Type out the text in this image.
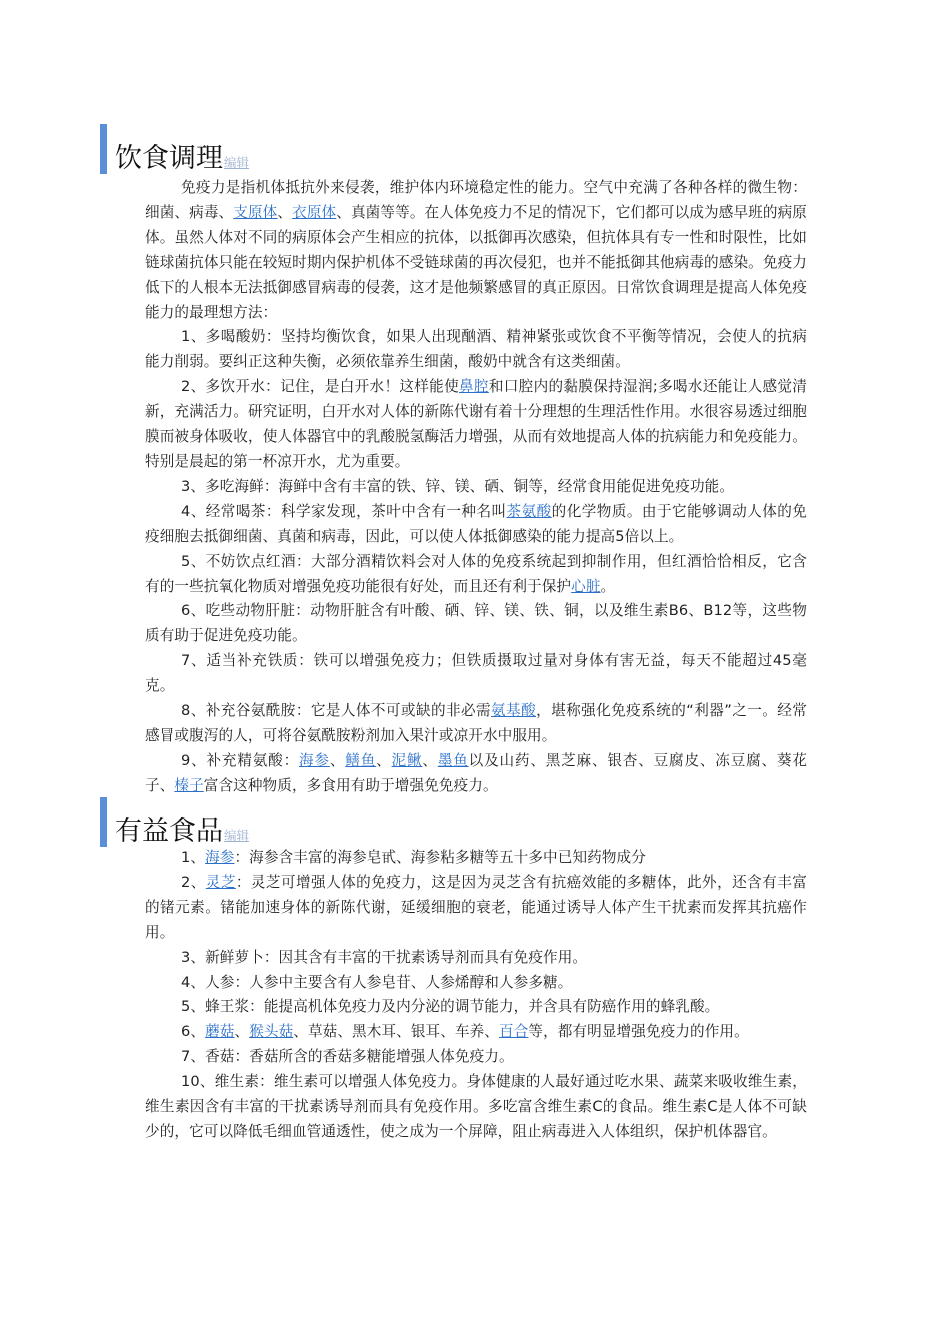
饮食调理 编辑

免疫力是指机体抵抗外来侵袭，维护体内环境稳定性的能力。空气中充满了各种各样的微生物：细菌、病毒、支原体、衣原体、真菌等等。在人体免疫力不足的情况下，它们都可以成为感早班的病原体。虽然人体对不同的病原体会产生相应的抗体，以抵御再次感染，但抗体具有专一性和时限性，比如链球菌抗体只能在较短时期内保护机体不受链球菌的再次侵犯，也并不能抵御其他病毒的感染。免疫力低下的人根本无法抵御感冒病毒的侵袭，这才是他频繁感冒的真正原因。日常饮食调理是提高人体免疫能力的最理想方法：

1、多喝酸奶：坚持均衡饮食，如果人出现酗酒、精神紧张或饮食不平衡等情况，会使人的抗病能力削弱。要纠正这种失衡，必须依靠养生细菌，酸奶中就含有这类细菌。

2、多饮开水：记住，是白开水！这样能使鼻腔和口腔内的黏膜保持湿润;多喝水还能让人感觉清新，充满活力。研究证明，白开水对人体的新陈代谢有着十分理想的生理活性作用。水很容易透过细胞膜而被身体吸收，使人体器官中的乳酸脱氢酶活力增强，从而有效地提高人体的抗病能力和免疫能力。特别是晨起的第一杯凉开水，尤为重要。

3、多吃海鲜：海鲜中含有丰富的铁、锌、镁、硒、铜等，经常食用能促进免疫功能。

4、经常喝茶：科学家发现，茶叶中含有一种名叫茶氨酸的化学物质。由于它能够调动人体的免疫细胞去抵御细菌、真菌和病毒，因此，可以使人体抵御感染的能力提高5倍以上。

5、不妨饮点红酒：大部分酒精饮料会对人体的免疫系统起到抑制作用，但红酒恰恰相反，它含有的一些抗氧化物质对增强免疫功能很有好处，而且还有利于保护心脏。

6、吃些动物肝脏：动物肝脏含有叶酸、硒、锌、镁、铁、铜，以及维生素B6、B12等，这些物质有助于促进免疫功能。

7、适当补充铁质：铁可以增强免疫力；但铁质摄取过量对身体有害无益，每天不能超过45毫克。

8、补充谷氨酰胺：它是人体不可或缺的非必需氨基酸，堪称强化免疫系统的“利器”之一。经常感冒或腹泻的人，可将谷氨酰胺粉剂加入果汁或凉开水中服用。

9、补充精氨酸：海参、鳝鱼、泥鳅、墨鱼以及山药、黑芝麻、银杏、豆腐皮、冻豆腐、葵花子、榛子富含这种物质，多食用有助于增强免免疫力。

有益食品 编辑

1、海参：海参含丰富的海参皂甙、海参粘多糖等五十多中已知药物成分

2、灵芝：灵芝可增强人体的免疫力，这是因为灵芝含有抗癌效能的多糖体，此外，还含有丰富的锗元素。锗能加速身体的新陈代谢，延缓细胞的衰老，能通过诱导人体产生干扰素而发挥其抗癌作用。

3、新鲜萝卜：因其含有丰富的干扰素诱导剂而具有免疫作用。

4、人参：人参中主要含有人参皂苷、人参烯醇和人参多糖。

5、蜂王浆：能提高机体免疫力及内分泌的调节能力，并含具有防癌作用的蜂乳酸。

6、蘑菇、猴头菇、草菇、黑木耳、银耳、车养、百合等，都有明显增强免疫力的作用。

7、香菇：香菇所含的香菇多糖能增强人体免疫力。

10、维生素：维生素可以增强人体免疫力。身体健康的人最好通过吃水果、蔬菜来吸收维生素，维生素因含有丰富的干扰素诱导剂而具有免疫作用。多吃富含维生素C的食品。维生素C是人体不可缺少的，它可以降低毛细血管通透性，使之成为一个屏障，阻止病毒进入人体组织，保护机体器官。
